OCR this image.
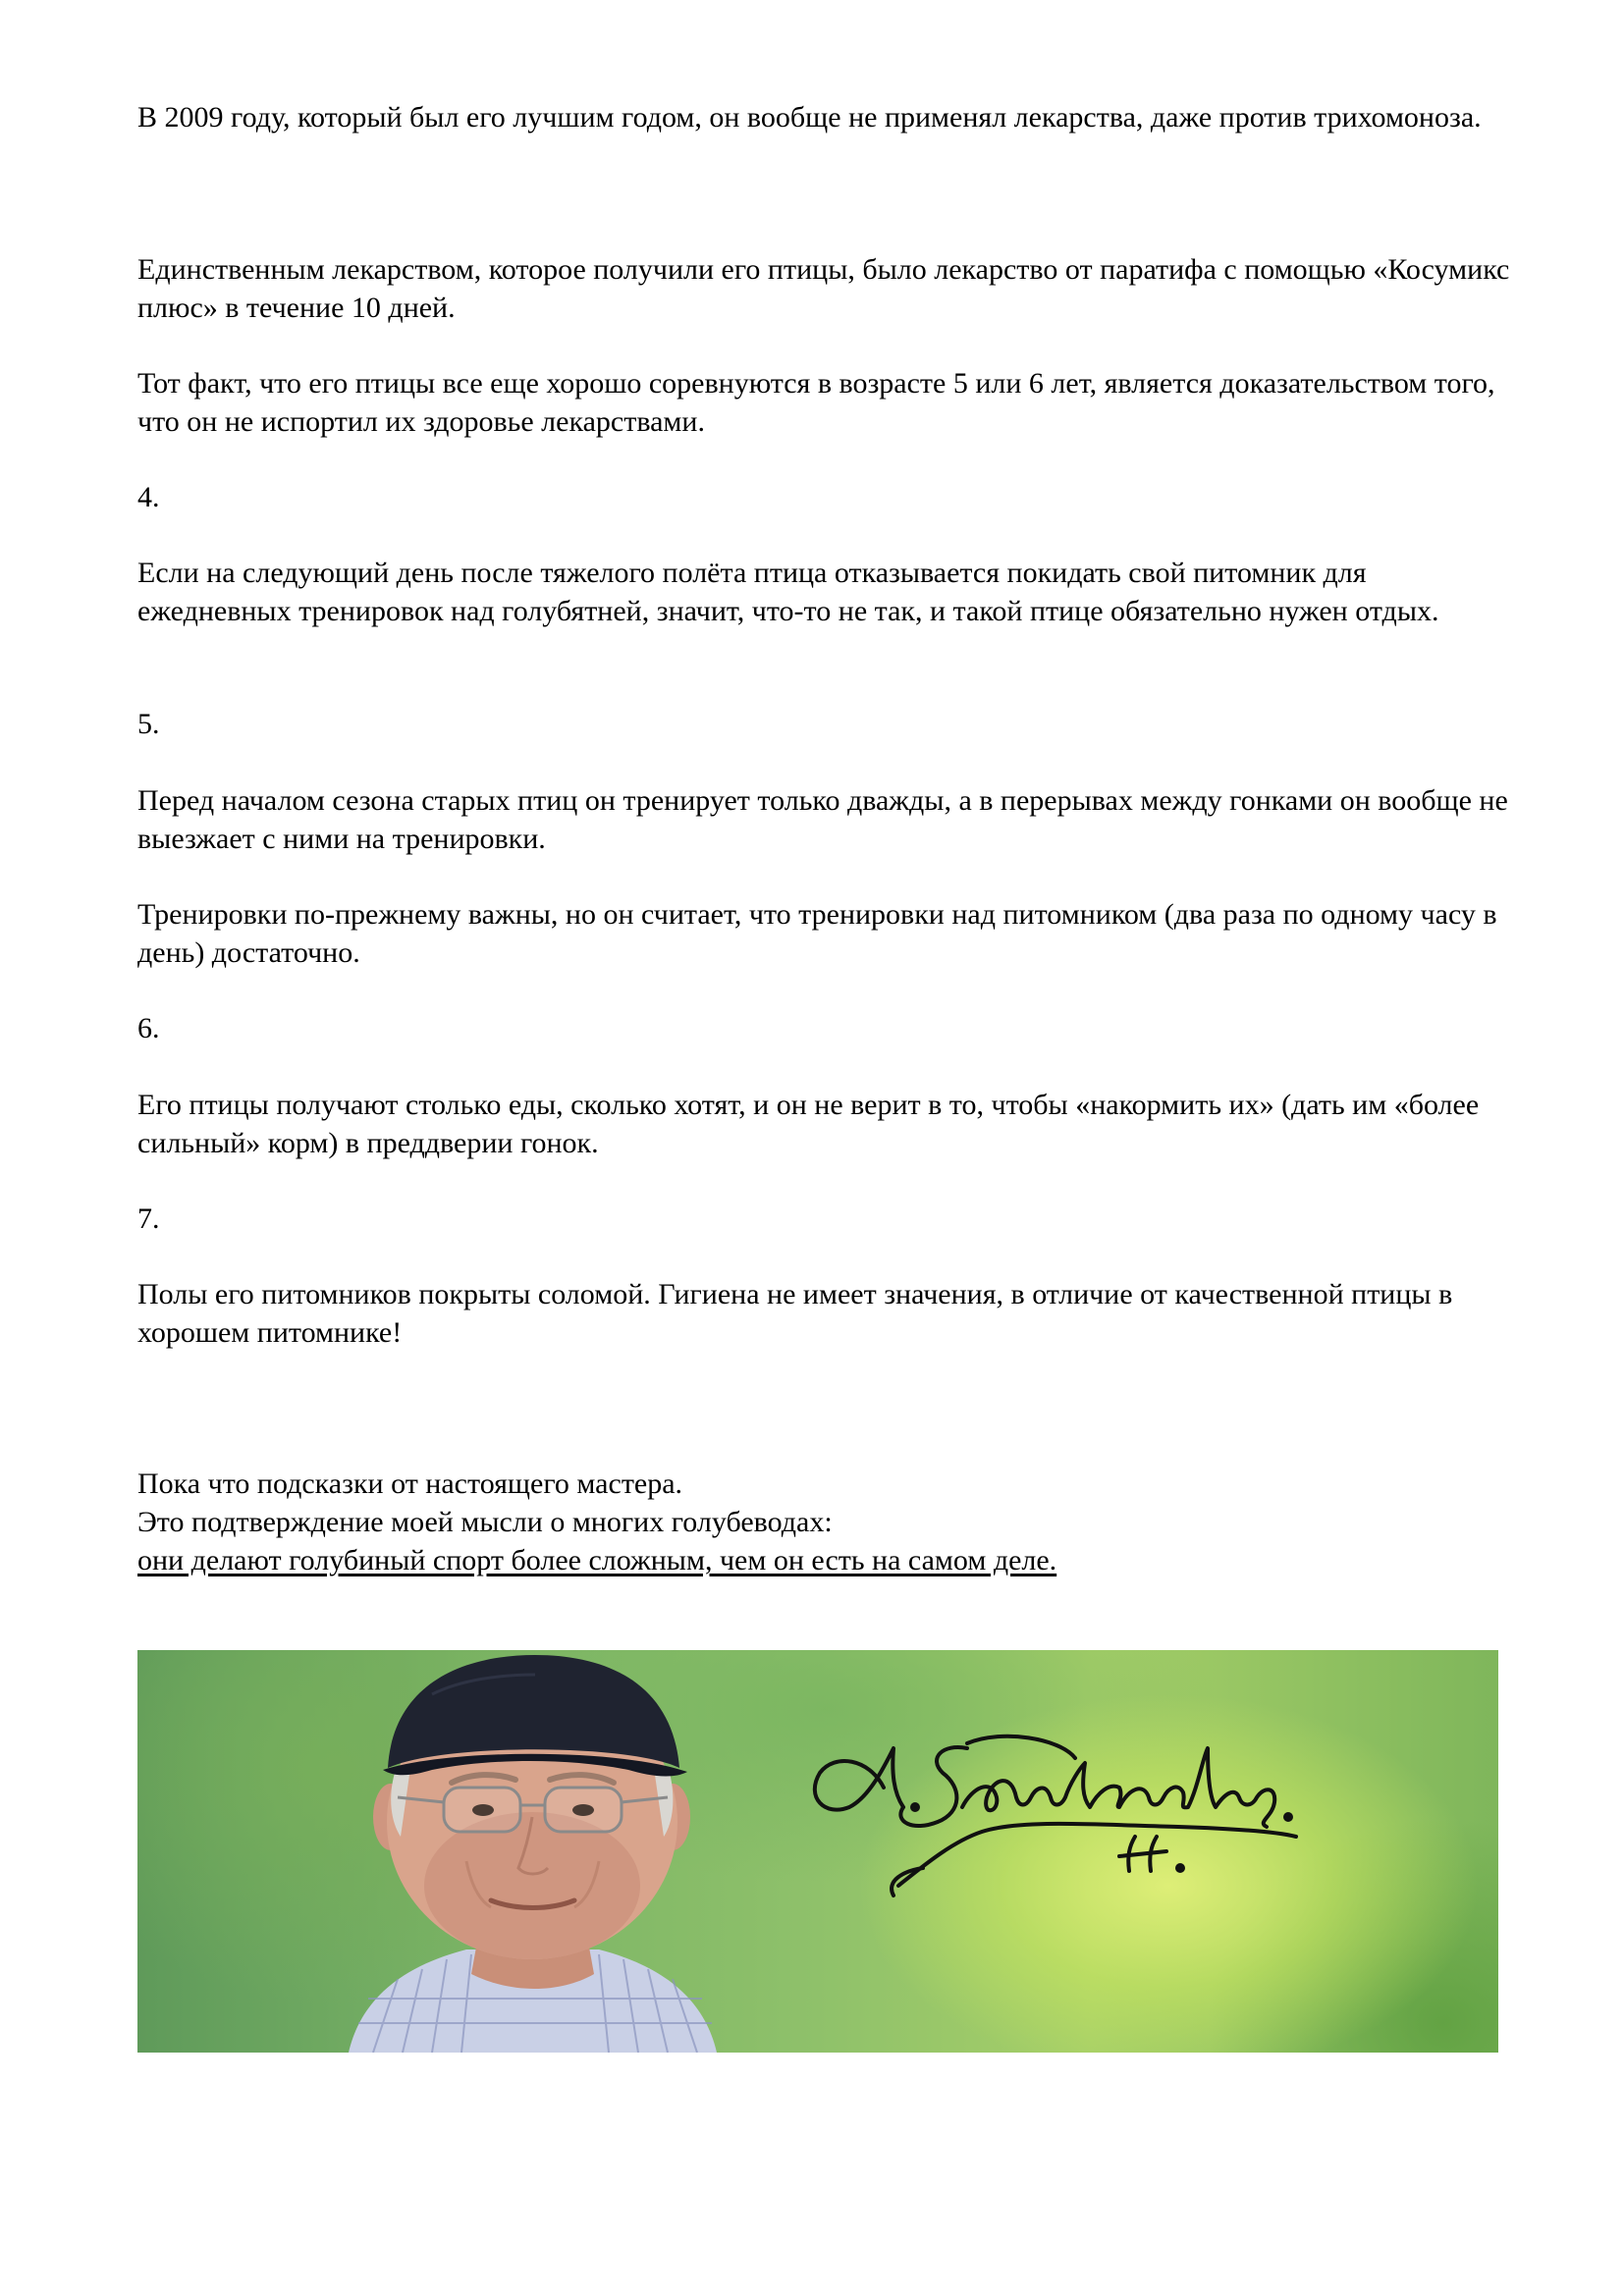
В 2009 году, который был его лучшим годом, он вообще не применял лекарства, даже против трихомоноза.

Единственным лекарством, которое получили его птицы, было лекарство от паратифа с помощью «Косумикс плюс» в течение 10 дней.

Тот факт, что его птицы все еще хорошо соревнуются в возрасте 5 или 6 лет, является доказательством того, что он не испортил их здоровье лекарствами.

4.

Если на следующий день после тяжелого полёта птица отказывается покидать свой питомник для ежедневных тренировок над голубятней, значит, что-то не так, и такой птице обязательно нужен отдых.

5.

Перед началом сезона старых птиц он тренирует только дважды, а в перерывах между гонками он вообще не выезжает с ними на тренировки.

Тренировки по-прежнему важны, но он считает, что тренировки над питомником (два раза по одному часу в день) достаточно.

6.

Его птицы получают столько еды, сколько хотят, и он не верит в то, чтобы «накормить их» (дать им «более сильный» корм) в преддверии гонок.

7.

Полы его питомников покрыты соломой. Гигиена не имеет значения, в отличие от качественной птицы в хорошем питомнике!

Пока что подсказки от настоящего мастера.

Это подтверждение моей мысли о многих голубеводах:

они делают голубиный спорт более сложным, чем он есть на самом деле.
